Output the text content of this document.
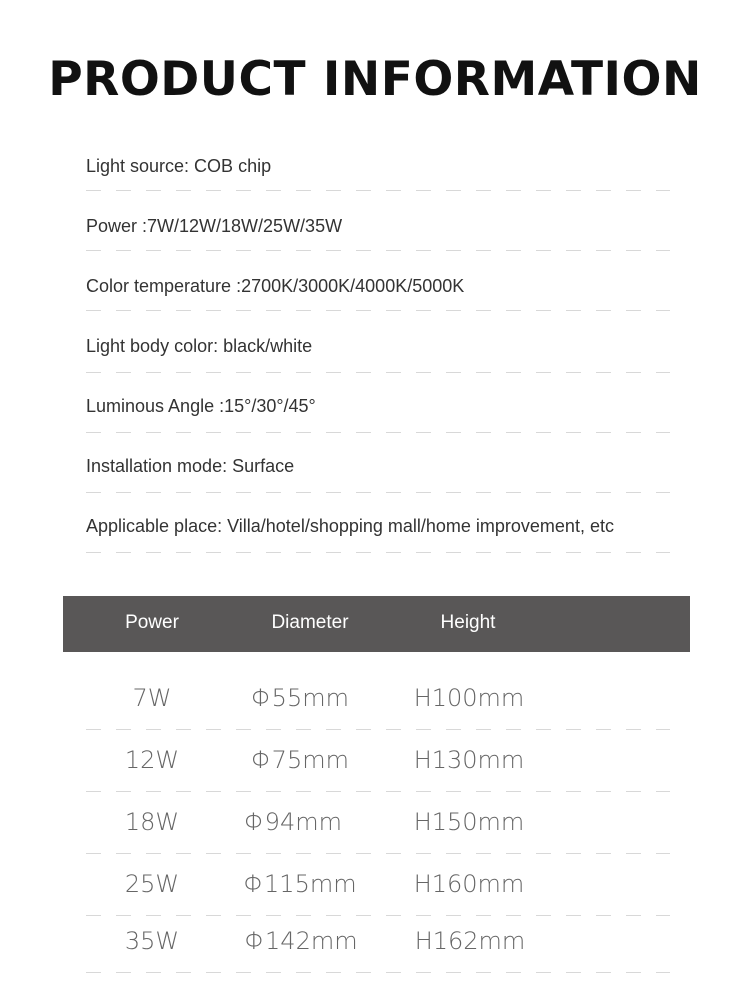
PRODUCT INFORMATION
Light source: COB chip
Power :7W/12W/18W/25W/35W
Color temperature :2700K/3000K/4000K/5000K
Light body color: black/white
Luminous Angle :15°/30°/45°
Installation mode: Surface
Applicable place: Villa/hotel/shopping mall/home improvement, etc
Power	Diameter	Height
7W	Φ55mm	H100mm
12W	Φ75mm	H130mm
18W	Φ94mm	H150mm
25W	Φ115mm H160mm
35W	Φ142mm H162mm
